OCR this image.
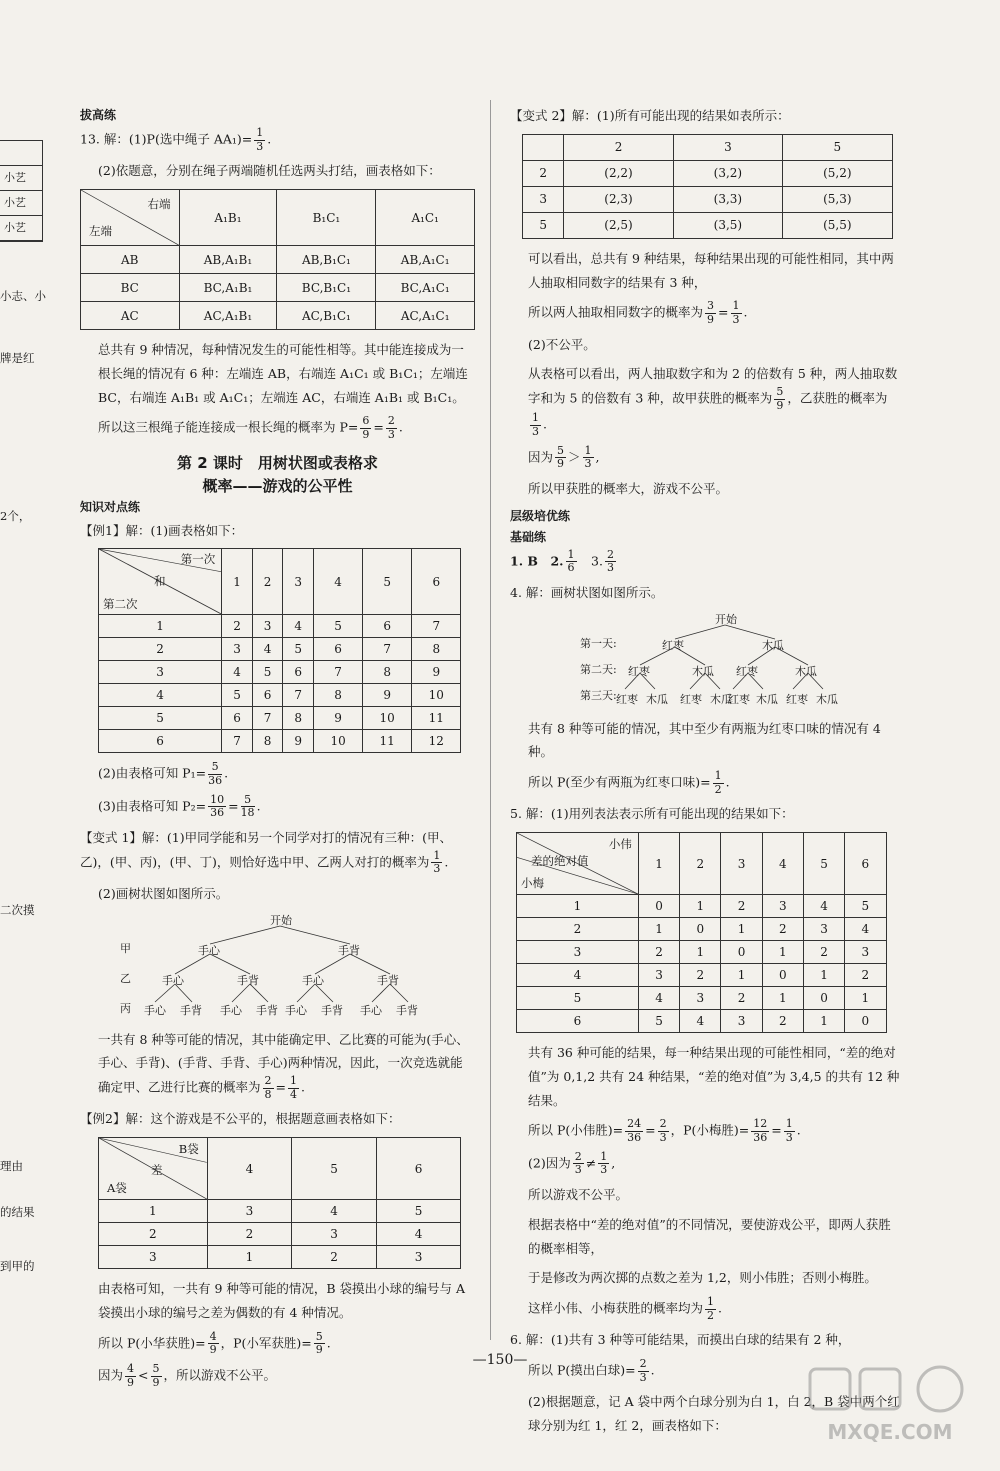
小艺
小艺
小艺
小志、小
牌是红
2个，
二次摸
理由
的结果
到甲的
拔高练

13. 解：(1)P(选中绳子 $AA_1)= \frac{1}{3}$ .

(2)依题意，分别在绳子两端随机任选两头打结，画表格如下：

右端
左端	A₁B₁	B₁C₁	A₁C₁
AB	AB,A₁B₁	AB,B₁C₁	AB,A₁C₁
BC	BC,A₁B₁	BC,B₁C₁	BC,A₁C₁
AC	AC,A₁B₁	AC,B₁C₁	AC,A₁C₁

总共有 9 种情况，每种情况发生的可能性相等。其中能连接成为一根长绳的情况有 6 种：左端连 AB，右端连 A₁C₁ 或 B₁C₁；左端连 BC，右端连 A₁B₁ 或 A₁C₁；左端连 AC，右端连 A₁B₁ 或 B₁C₁。

所以这三根绳子能连接成一根长绳的概率为 $P= \frac{6}{9} = \frac{2}{3}$ .

第 2 课时　用树状图或表格求
概率——游戏的公平性
知识对点练

【例1】解：(1)画表格如下：

第一次
和
第二次	1	2	3	4	5	6
1	2	3	4	5	6	7
2	3	4	5	6	7	8
3	4	5	6	7	8	9
4	5	6	7	8	9	10
5	6	7	8	9	10	11
6	7	8	9	10	11	12

(2)由表格可知 $P_1= \frac{5}{36}$ .

(3)由表格可知 $P_2= \frac{10}{36} = \frac{5}{18}$ .

【变式 1】解：(1)甲同学能和另一个同学对打的情况有三种：(甲、乙)，(甲、丙)，(甲、丁)，则恰好选中甲、乙两人对打的概率为 $\frac{1}{3}$ .

(2)画树状图如图所示。

开始
甲
乙
丙
手心	手背
手心	手背	手心	手背
手心 手背 手心 手背 手心 手背 手心 手背

一共有 8 种等可能的情况，其中能确定甲、乙比赛的可能为(手心、手心、手背)、(手背、手背、手心)两种情况，因此，一次竞选就能确定甲、乙进行比赛的概率为 $\frac{2}{8} = \frac{1}{4}$ .

【例2】解：这个游戏是不公平的，根据题意画表格如下：

B袋
差
A袋	4	5	6
1	3	4	5
2	2	3	4
3	1	2	3

由表格可知，一共有 9 种等可能的情况，B 袋摸出小球的编号与 A 袋摸出小球的编号之差为偶数的有 4 种情况。

所以 P(小华获胜)= $\frac{4}{9}$ ，P(小军获胜)= $\frac{5}{9}$ .

因为 $\frac{4}{9} < \frac{5}{9}$ ，所以游戏不公平。

【变式 2】解：(1)所有可能出现的结果如表所示：

	2	3	5
2	(2,2)	(3,2)	(5,2)
3	(2,3)	(3,3)	(5,3)
5	(2,5)	(3,5)	(5,5)

可以看出，总共有 9 种结果，每种结果出现的可能性相同，其中两人抽取相同数字的结果有 3 种，

所以两人抽取相同数字的概率为 $\frac{3}{9} = \frac{1}{3}$ .

(2)不公平。

从表格可以看出，两人抽取数字和为 2 的倍数有 5 种，两人抽取数字和为 5 的倍数有 3 种，故甲获胜的概率为 $\frac{5}{9}$ ，乙获胜的概率为
$\frac{1}{3}$ .

因为 $\frac{5}{9} > \frac{1}{3}$ ,

所以甲获胜的概率大，游戏不公平。

层级培优练
基础练

1. B　2. $\frac{1}{6}$ 　3. $\frac{2}{3}$

4. 解：画树状图如图所示。

开始
第一天:
第二天:
第三天:
红枣	木瓜
红枣	木瓜 红枣	木瓜
红枣 木瓜 红枣 木瓜
红枣 木瓜 红枣 木瓜

共有 8 种等可能的情况，其中至少有两瓶为红枣口味的情况有 4 种。

所以 P(至少有两瓶为红枣口味)= $\frac{1}{2}$ .

5. 解：(1)用列表法表示所有可能出现的结果如下：

小伟
差的绝对值
小梅	1	2	3	4	5	6
1	0	1	2	3	4	5
2	1	0	1	2	3	4
3	2	1	0	1	2	3
4	3	2	1	0	1	2
5	4	3	2	1	0	1
6	5	4	3	2	1	0

共有 36 种可能的结果，每一种结果出现的可能性相同，“差的绝对值”为 0,1,2 共有 24 种结果，“差的绝对值”为 3,4,5 的共有 12 种结果。

所以 P(小伟胜)= $\frac{24}{36} = \frac{2}{3}$ ，P(小梅胜)= $\frac{12}{36} = \frac{1}{3}$ .

(2)因为 $\frac{2}{3} \ne \frac{1}{3}$ ,

所以游戏不公平。

根据表格中“差的绝对值”的不同情况，要使游戏公平，即两人获胜的概率相等，

于是修改为两次掷的点数之差为 1,2，则小伟胜；否则小梅胜。

这样小伟、小梅获胜的概率均为 $\frac{1}{2}$ .

6. 解：(1)共有 3 种等可能结果，而摸出白球的结果有 2 种，

所以 P(摸出白球)= $\frac{2}{3}$ .

(2)根据题意，记 A 袋中两个白球分别为白 1，白 2，B 袋中两个红球分别为红 1，红 2，画表格如下：

—150—
MXQE.COM
